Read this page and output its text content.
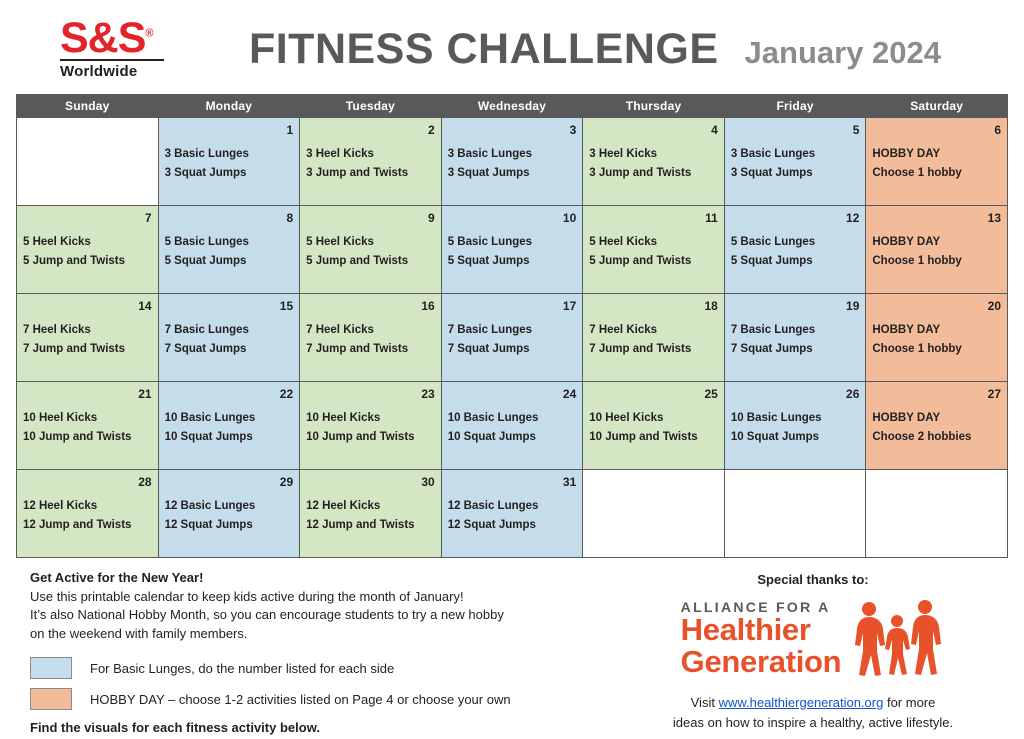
S&S®
Worldwide	FITNESS CHALLENGE January 2024
Sunday	Monday	Tuesday	Wednesday	Thursday	Friday	Saturday

	1
3 Basic Lunges
3 Squat Jumps	2
3 Heel Kicks
3 Jump and Twists	3
3 Basic Lunges
3 Squat Jumps	4
3 Heel Kicks
3 Jump and Twists	5
3 Basic Lunges
3 Squat Jumps	6
HOBBY DAY
Choose 1 hobby

7
5 Heel Kicks
5 Jump and Twists	8
5 Basic Lunges
5 Squat Jumps	9
5 Heel Kicks
5 Jump and Twists	10
5 Basic Lunges
5 Squat Jumps	11
5 Heel Kicks
5 Jump and Twists	12
5 Basic Lunges
5 Squat Jumps	13
HOBBY DAY
Choose 1 hobby

14
7 Heel Kicks
7 Jump and Twists	15
7 Basic Lunges
7 Squat Jumps	16
7 Heel Kicks
7 Jump and Twists	17
7 Basic Lunges
7 Squat Jumps	18
7 Heel Kicks
7 Jump and Twists	19
7 Basic Lunges
7 Squat Jumps	20
HOBBY DAY
Choose 1 hobby

21
10 Heel Kicks
10 Jump and Twists	22
10 Basic Lunges
10 Squat Jumps	23
10 Heel Kicks
10 Jump and Twists	24
10 Basic Lunges
10 Squat Jumps	25
10 Heel Kicks
10 Jump and Twists	26
10 Basic Lunges
10 Squat Jumps	27
HOBBY DAY
Choose 2 hobbies

28
12 Heel Kicks
12 Jump and Twists	29
12 Basic Lunges
12 Squat Jumps	30
12 Heel Kicks
12 Jump and Twists	31
12 Basic Lunges
12 Squat Jumps			

Get Active for the New Year!
Use this printable calendar to keep kids active during the month of January!
It’s also National Hobby Month, so you can encourage students to try a new hobby
on the weekend with family members.
For Basic Lunges, do the number listed for each side
HOBBY DAY – choose 1-2 activities listed on Page 4 or choose your own
Find the visuals for each fitness activity below.
Special thanks to:
ALLIANCE FOR A
Healthier
Generation
Visit www.healthiergeneration.org for more
ideas on how to inspire a healthy, active lifestyle.
